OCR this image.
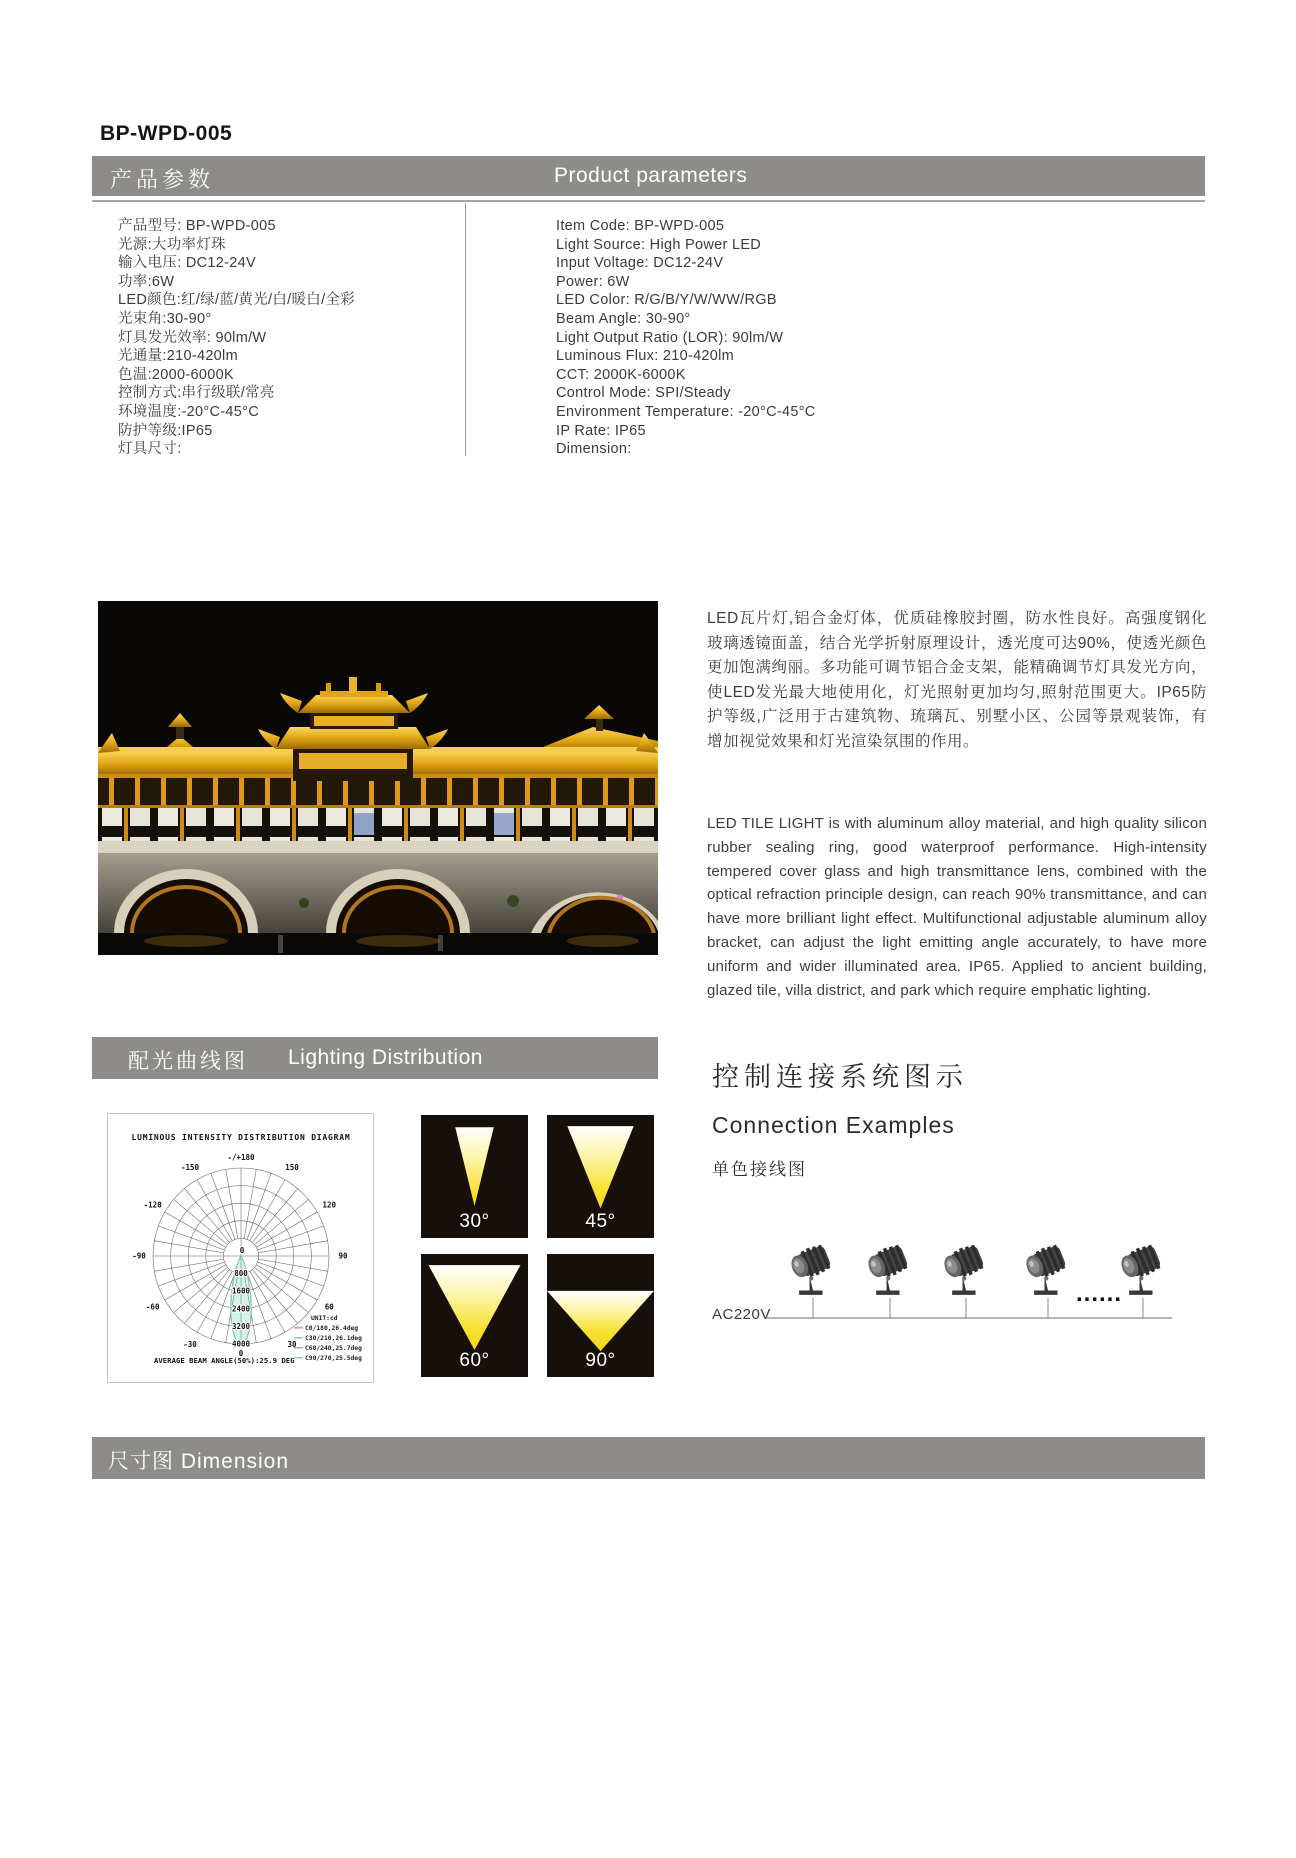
BP-WPD-005
产品参数	Product parameters
产品型号: BP-WPD-005
光源:大功率灯珠
输入电压: DC12-24V
功率:6W
LED颜色:红/绿/蓝/黄光/白/暖白/全彩
光束角:30-90°
灯具发光效率: 90lm/W
光通量:210-420lm
色温:2000-6000K
控制方式:串行级联/常亮
环境温度:-20°C-45°C
防护等级:IP65
灯具尺寸:
Item Code: BP-WPD-005
Light Source: High Power LED
Input Voltage: DC12-24V
Power: 6W
LED Color: R/G/B/Y/W/WW/RGB
Beam Angle: 30-90°
Light Output Ratio (LOR): 90lm/W
Luminous Flux: 210-420lm
CCT: 2000K-6000K
Control Mode: SPI/Steady
Environment Temperature: -20°C-45°C
IP Rate: IP65
Dimension:

LED瓦片灯,铝合金灯体，优质硅橡胶封圈，防水性良好。高强度钢化玻璃透镜面盖，结合光学折射原理设计，透光度可达90%，使透光颜色更加饱满绚丽。多功能可调节铝合金支架，能精确调节灯具发光方向，使LED发光最大地使用化，灯光照射更加均匀,照射范围更大。IP65防护等级,广泛用于古建筑物、琉璃瓦、别墅小区、公园等景观装饰，有增加视觉效果和灯光渲染氛围的作用。

LED TILE LIGHT is with aluminum alloy material, and high quality silicon rubber sealing ring, good waterproof performance. High-intensity tempered cover glass and high transmittance lens, combined with the optical refraction principle design, can reach 90% transmittance, and can have more brilliant light effect. Multifunctional adjustable aluminum alloy bracket, can adjust the light emitting angle accurately, to have more uniform and wider illuminated area. IP65. Applied to ancient building, glazed tile, villa district, and park which require emphatic lighting.

配光曲线图 Lighting Distribution
-150
-120
-90
-60
-30	30
60
90
120
150
-/+180
0
800
1600
2400
3200
4000
0
LUMINOUS INTENSITY DISTRIBUTION DIAGRAM
UNIT:cd
C0/180,26.4deg
C30/210,26.1deg
C60/240,25.7deg
C90/270,25.5deg
AVERAGE BEAM ANGLE(50%):25.9 DEG
30°	45°
60°	90°
控制连接系统图示
Connection Examples
单色接线图
AC220V
......
尺寸图 Dimension
